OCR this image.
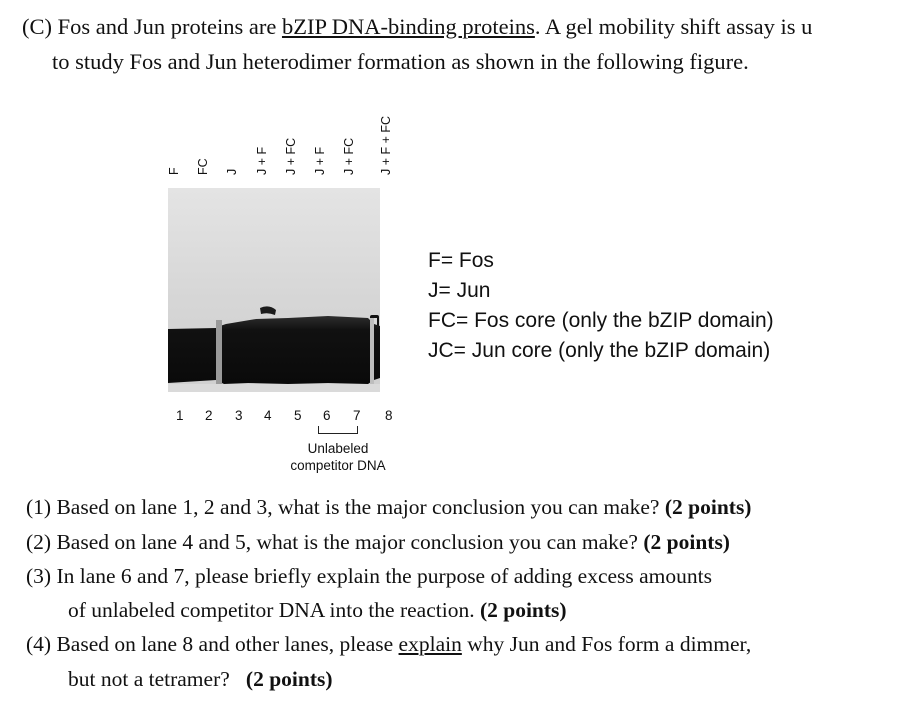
(C) Fos and Jun proteins are bZIP DNA-binding proteins. A gel mobility shift assay is u
to study Fos and Jun heterodimer formation as shown in the following figure.
F FC J J + F J + FC J + F J + FC J + F + FC
1 2 3 4 5 6 7 8
Unlabeled
competitor DNA
F= Fos
J= Jun
FC= Fos core (only the bZIP domain)
JC= Jun core (only the bZIP domain)
(1) Based on lane 1, 2 and 3, what is the major conclusion you can make? (2 points)
(2) Based on lane 4 and 5, what is the major conclusion you can make? (2 points)
(3) In lane 6 and 7, please briefly explain the purpose of adding excess amounts
of unlabeled competitor DNA into the reaction. (2 points)
(4) Based on lane 8 and other lanes, please explain why Jun and Fos form a dimmer,
but not a tetramer?   (2 points)
